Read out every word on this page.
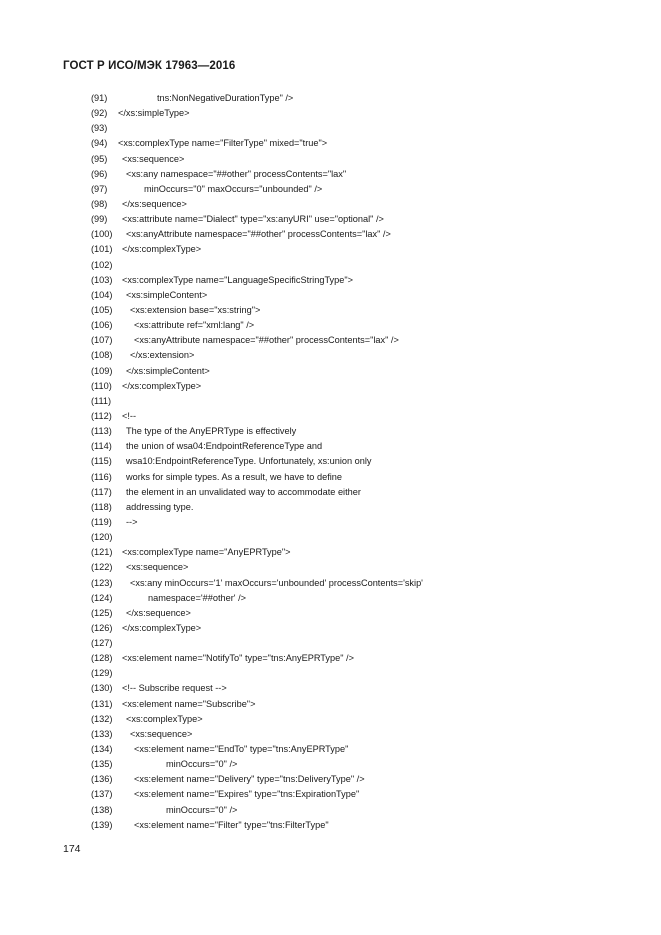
ГОСТ Р ИСО/МЭК 17963—2016
(91)	tns:NonNegativeDurationType" />
(92) </xs:simpleType>
(93)
(94) <xs:complexType name="FilterType" mixed="true">
(95) <xs:sequence>
(96) <xs:any namespace="##other" processContents="lax"
(97)	minOccurs="0" maxOccurs="unbounded" />
(98) </xs:sequence>
(99) <xs:attribute name="Dialect" type="xs:anyURI" use="optional" />
(100) <xs:anyAttribute namespace="##other" processContents="lax" />
(101) </xs:complexType>
(102)
(103) <xs:complexType name="LanguageSpecificStringType">
(104) <xs:simpleContent>
(105) <xs:extension base="xs:string">
(106) <xs:attribute ref="xml:lang" />
(107) <xs:anyAttribute namespace="##other" processContents="lax" />
(108) </xs:extension>
(109) </xs:simpleContent>
(110) </xs:complexType>
(111)
(112) <!--
(113) The type of the AnyEPRType is effectively
(114) the union of wsa04:EndpointReferenceType and
(115) wsa10:EndpointReferenceType. Unfortunately, xs:union only
(116) works for simple types. As a result, we have to define
(117) the element in an unvalidated way to accommodate either
(118) addressing type.
(119) -->
(120)
(121) <xs:complexType name="AnyEPRType">
(122) <xs:sequence>
(123) <xs:any minOccurs='1' maxOccurs='unbounded' processContents='skip'
(124)	namespace='##other' />
(125) </xs:sequence>
(126) </xs:complexType>
(127)
(128) <xs:element name="NotifyTo" type="tns:AnyEPRType" />
(129)
(130) <!-- Subscribe request -->
(131) <xs:element name="Subscribe">
(132) <xs:complexType>
(133) <xs:sequence>
(134) <xs:element name="EndTo" type="tns:AnyEPRType"
(135)	minOccurs="0" />
(136) <xs:element name="Delivery" type="tns:DeliveryType" />
(137) <xs:element name="Expires" type="tns:ExpirationType"
(138)	minOccurs="0" />
(139) <xs:element name="Filter" type="tns:FilterType"
174
